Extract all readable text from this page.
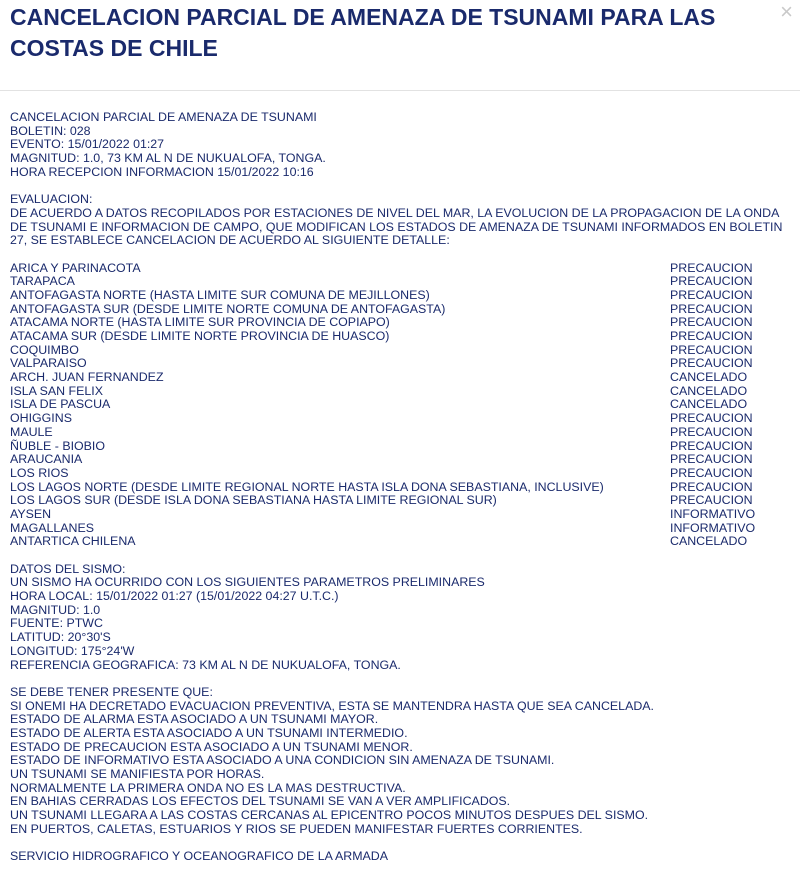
CANCELACION PARCIAL DE AMENAZA DE TSUNAMI PARA LAS COSTAS DE CHILE
×
CANCELACION PARCIAL DE AMENAZA DE TSUNAMI
BOLETIN: 028
EVENTO: 15/01/2022 01:27
MAGNITUD: 1.0, 73 KM AL N DE NUKUALOFA, TONGA.
HORA RECEPCION INFORMACION 15/01/2022 10:16
EVALUACION:
DE ACUERDO A DATOS RECOPILADOS POR ESTACIONES DE NIVEL DEL MAR, LA EVOLUCION DE LA PROPAGACION DE LA ONDA DE TSUNAMI E INFORMACION DE CAMPO, QUE MODIFICAN LOS ESTADOS DE AMENAZA DE TSUNAMI INFORMADOS EN BOLETIN 27, SE ESTABLECE CANCELACION DE ACUERDO AL SIGUIENTE DETALLE:
ARICA Y PARINACOTA	PRECAUCION
TARAPACA	PRECAUCION
ANTOFAGASTA NORTE (HASTA LIMITE SUR COMUNA DE MEJILLONES)	PRECAUCION
ANTOFAGASTA SUR (DESDE LIMITE NORTE COMUNA DE ANTOFAGASTA)	PRECAUCION
ATACAMA NORTE (HASTA LIMITE SUR PROVINCIA DE COPIAPO)	PRECAUCION
ATACAMA SUR (DESDE LIMITE NORTE PROVINCIA DE HUASCO)	PRECAUCION
COQUIMBO	PRECAUCION
VALPARAISO	PRECAUCION
ARCH. JUAN FERNANDEZ	CANCELADO
ISLA SAN FELIX	CANCELADO
ISLA DE PASCUA	CANCELADO
OHIGGINS	PRECAUCION
MAULE	PRECAUCION
ÑUBLE - BIOBIO	PRECAUCION
ARAUCANIA	PRECAUCION
LOS RIOS	PRECAUCION
LOS LAGOS NORTE (DESDE LIMITE REGIONAL NORTE HASTA ISLA DONA SEBASTIANA, INCLUSIVE)	PRECAUCION
LOS LAGOS SUR (DESDE ISLA DONA SEBASTIANA HASTA LIMITE REGIONAL SUR)	PRECAUCION
AYSEN	INFORMATIVO
MAGALLANES	INFORMATIVO
ANTARTICA CHILENA	CANCELADO
DATOS DEL SISMO:
UN SISMO HA OCURRIDO CON LOS SIGUIENTES PARAMETROS PRELIMINARES
HORA LOCAL: 15/01/2022 01:27 (15/01/2022 04:27 U.T.C.)
MAGNITUD: 1.0
FUENTE: PTWC
LATITUD: 20°30'S
LONGITUD: 175°24'W
REFERENCIA GEOGRAFICA: 73 KM AL N DE NUKUALOFA, TONGA.
SE DEBE TENER PRESENTE QUE:
SI ONEMI HA DECRETADO EVACUACION PREVENTIVA, ESTA SE MANTENDRA HASTA QUE SEA CANCELADA.
ESTADO DE ALARMA ESTA ASOCIADO A UN TSUNAMI MAYOR.
ESTADO DE ALERTA ESTA ASOCIADO A UN TSUNAMI INTERMEDIO.
ESTADO DE PRECAUCION ESTA ASOCIADO A UN TSUNAMI MENOR.
ESTADO DE INFORMATIVO ESTA ASOCIADO A UNA CONDICION SIN AMENAZA DE TSUNAMI.
UN TSUNAMI SE MANIFIESTA POR HORAS.
NORMALMENTE LA PRIMERA ONDA NO ES LA MAS DESTRUCTIVA.
EN BAHIAS CERRADAS LOS EFECTOS DEL TSUNAMI SE VAN A VER AMPLIFICADOS.
UN TSUNAMI LLEGARA A LAS COSTAS CERCANAS AL EPICENTRO POCOS MINUTOS DESPUES DEL SISMO.
EN PUERTOS, CALETAS, ESTUARIOS Y RIOS SE PUEDEN MANIFESTAR FUERTES CORRIENTES.
SERVICIO HIDROGRAFICO Y OCEANOGRAFICO DE LA ARMADA
